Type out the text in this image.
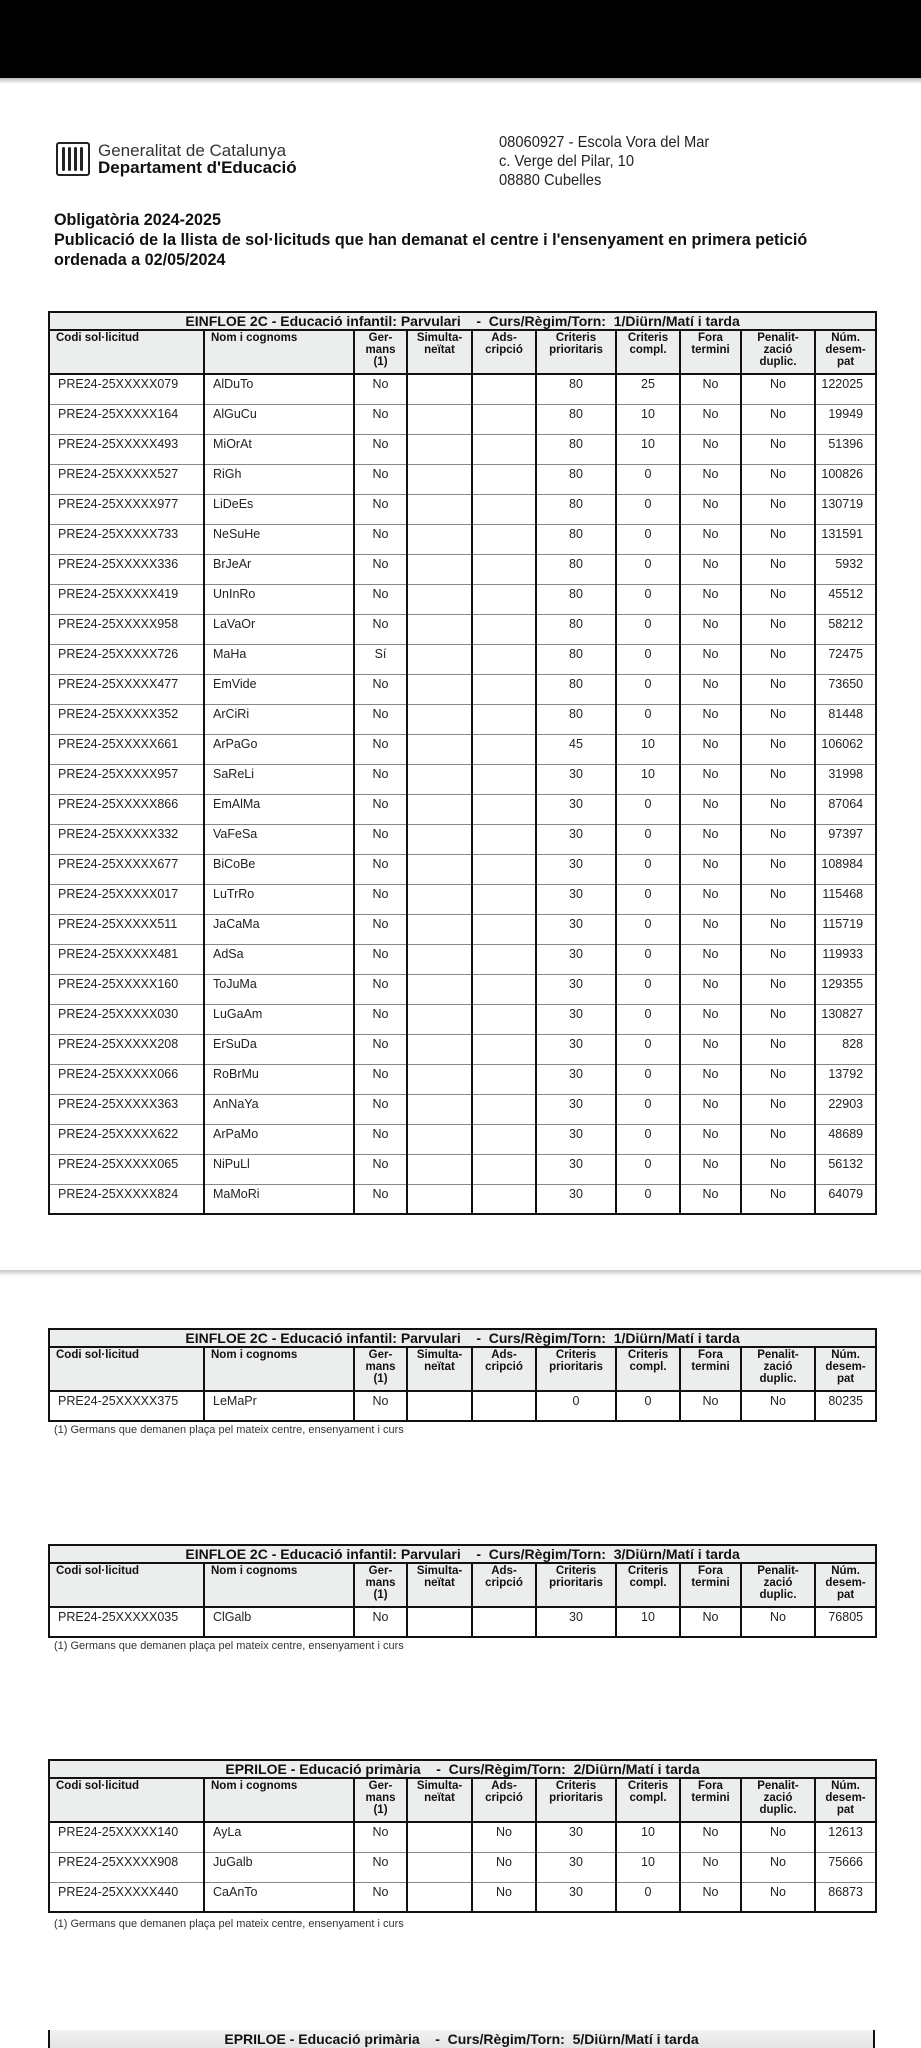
Generalitat de Catalunya
Departament d'Educació
08060927 - Escola Vora del Mar
c. Verge del Pilar, 10
08880 Cubelles
Obligatòria 2024-2025
Publicació de la llista de sol·licituds que han demanat el centre i l'ensenyament en primera petició ordenada a 02/05/2024
EINFLOE 2C - Educació infantil: Parvulari    -  Curs/Règim/Torn:  1/Diürn/Matí i tarda									
Codi sol·licitud	Nom i cognoms	Ger-
mans
(1)	Simulta-
neïtat	Ads-
cripció	Criteris
prioritaris	Criteris
compl.	Fora
termini	Penalit-
zació
duplic.	Núm.
desem-
pat
PRE24-25XXXXX079	AlDuTo	No			80	25	No	No	122025
PRE24-25XXXXX164	AlGuCu	No			80	10	No	No	19949
PRE24-25XXXXX493	MiOrAt	No			80	10	No	No	51396
PRE24-25XXXXX527	RiGh	No			80	0	No	No	100826
PRE24-25XXXXX977	LiDeEs	No			80	0	No	No	130719
PRE24-25XXXXX733	NeSuHe	No			80	0	No	No	131591
PRE24-25XXXXX336	BrJeAr	No			80	0	No	No	5932
PRE24-25XXXXX419	UnInRo	No			80	0	No	No	45512
PRE24-25XXXXX958	LaVaOr	No			80	0	No	No	58212
PRE24-25XXXXX726	MaHa	Sí			80	0	No	No	72475
PRE24-25XXXXX477	EmVide	No			80	0	No	No	73650
PRE24-25XXXXX352	ArCiRi	No			80	0	No	No	81448
PRE24-25XXXXX661	ArPaGo	No			45	10	No	No	106062
PRE24-25XXXXX957	SaReLi	No			30	10	No	No	31998
PRE24-25XXXXX866	EmAlMa	No			30	0	No	No	87064
PRE24-25XXXXX332	VaFeSa	No			30	0	No	No	97397
PRE24-25XXXXX677	BiCoBe	No			30	0	No	No	108984
PRE24-25XXXXX017	LuTrRo	No			30	0	No	No	115468
PRE24-25XXXXX511	JaCaMa	No			30	0	No	No	115719
PRE24-25XXXXX481	AdSa	No			30	0	No	No	119933
PRE24-25XXXXX160	ToJuMa	No			30	0	No	No	129355
PRE24-25XXXXX030	LuGaAm	No			30	0	No	No	130827
PRE24-25XXXXX208	ErSuDa	No			30	0	No	No	828
PRE24-25XXXXX066	RoBrMu	No			30	0	No	No	13792
PRE24-25XXXXX363	AnNaYa	No			30	0	No	No	22903
PRE24-25XXXXX622	ArPaMo	No			30	0	No	No	48689
PRE24-25XXXXX065	NiPuLl	No			30	0	No	No	56132
PRE24-25XXXXX824	MaMoRi	No			30	0	No	No	64079
EINFLOE 2C - Educació infantil: Parvulari    -  Curs/Règim/Torn:  1/Diürn/Matí i tarda									
Codi sol·licitud	Nom i cognoms	Ger-
mans
(1)	Simulta-
neïtat	Ads-
cripció	Criteris
prioritaris	Criteris
compl.	Fora
termini	Penalit-
zació
duplic.	Núm.
desem-
pat
PRE24-25XXXXX375	LeMaPr	No			0	0	No	No	80235
(1) Germans que demanen plaça pel mateix centre, ensenyament i curs
EINFLOE 2C - Educació infantil: Parvulari    -  Curs/Règim/Torn:  3/Diürn/Matí i tarda									
Codi sol·licitud	Nom i cognoms	Ger-
mans
(1)	Simulta-
neïtat	Ads-
cripció	Criteris
prioritaris	Criteris
compl.	Fora
termini	Penalit-
zació
duplic.	Núm.
desem-
pat
PRE24-25XXXXX035	ClGalb	No			30	10	No	No	76805
(1) Germans que demanen plaça pel mateix centre, ensenyament i curs
EPRILOE - Educació primària    -  Curs/Règim/Torn:  2/Diürn/Matí i tarda									
Codi sol·licitud	Nom i cognoms	Ger-
mans
(1)	Simulta-
neïtat	Ads-
cripció	Criteris
prioritaris	Criteris
compl.	Fora
termini	Penalit-
zació
duplic.	Núm.
desem-
pat
PRE24-25XXXXX140	AyLa	No		No	30	10	No	No	12613
PRE24-25XXXXX908	JuGalb	No		No	30	10	No	No	75666
PRE24-25XXXXX440	CaAnTo	No		No	30	0	No	No	86873
(1) Germans que demanen plaça pel mateix centre, ensenyament i curs
EPRILOE - Educació primària    -  Curs/Règim/Torn:  5/Diürn/Matí i tarda
